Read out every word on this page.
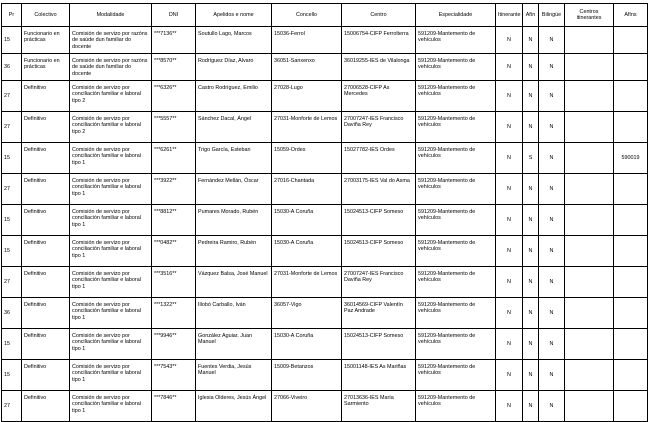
Pr	Colectivo	Modalidade	DNI	Apelidos e nome	Concello	Centro	Especialidade	Itinerante	Afín	Bilingüe	Centros itinerantes	Afíns
15	Funcionario en prácticas	Comisión de servizo por razóns de saúde dun familiar do docente	***7136**	Soutullo Lago, Marcos	15036-Ferrol	15006754-CIFP Ferrolterra	591209-Mantemento de vehículos	N	N	N		
36	Funcionario en prácticas	Comisión de servizo por razóns de saúde dun familiar do docente	***8570**	Rodríguez Díaz, Alvaro	36051-Sanxenxo	36019255-IES de Vilalonga	591209-Mantemento de vehículos	N	N	N		
27	Definitivo	Comisión de servizo por conciliación familiar e laboral tipo 2	***6326**	Castro Rodríguez, Emilio	27028-Lugo	27006528-CIFP As Mercedes	591209-Mantemento de vehículos	N	N	N		
27	Definitivo	Comisión de servizo por conciliación familiar e laboral tipo 2	***5557**	Sánchez Dacal, Ángel	27031-Monforte de Lemos	27007247-IES Francisco Daviña Rey	591209-Mantemento de vehículos	N	N	N		
15	Definitivo	Comisión de servizo por conciliación familiar e laboral tipo 1	***6261**	Trigo García, Esteban	15059-Ordes	15027782-IES Ordes	591209-Mantemento de vehículos	N	S	N		590019
27	Definitivo	Comisión de servizo por conciliación familiar e laboral tipo 1	***3922**	Fernández Mellán, Óscar	27016-Chantada	27003175-IES Val do Asma	591209-Mantemento de vehículos	N	N	N		
15	Definitivo	Comisión de servizo por conciliación familiar e laboral tipo 1	***8812**	Pumares Morado, Rubén	15030-A Coruña	15024513-CIFP Someso	591209-Mantemento de vehículos	N	N	N		
15	Definitivo	Comisión de servizo por conciliación familiar e laboral tipo 1	***0482**	Pedreira Ramiro, Rubén	15030-A Coruña	15024513-CIFP Someso	591209-Mantemento de vehículos	N	N	N		
27	Definitivo	Comisión de servizo por conciliación familiar e laboral tipo 1	***3516**	Vázquez Balsa, José Manuel	27031-Monforte de Lemos	27007247-IES Francisco Daviña Rey	591209-Mantemento de vehículos	N	N	N		
36	Definitivo	Comisión de servizo por conciliación familiar e laboral tipo 1	***1322**	Illobó Carballo, Iván	36057-Vigo	36014569-CIFP Valentín Paz Andrade	591209-Mantemento de vehículos	N	N	N		
15	Definitivo	Comisión de servizo por conciliación familiar e laboral tipo 1	***9946**	González Aguiar, Juan Manuel	15030-A Coruña	15024513-CIFP Someso	591209-Mantemento de vehículos	N	N	N		
15	Definitivo	Comisión de servizo por conciliación familiar e laboral tipo 1	***7543**	Fuentes Verdia, Jesús Manuel	15009-Betanzos	15001148-IES As Mariñas	591209-Mantemento de vehículos	N	N	N		
27	Definitivo	Comisión de servizo por conciliación familiar e laboral tipo 1	***7846**	Iglesia Olderes, Jesús Ángel	27066-Viveiro	27013636-IES María Sarmiento	591209-Mantemento de vehículos	N	N	N		
